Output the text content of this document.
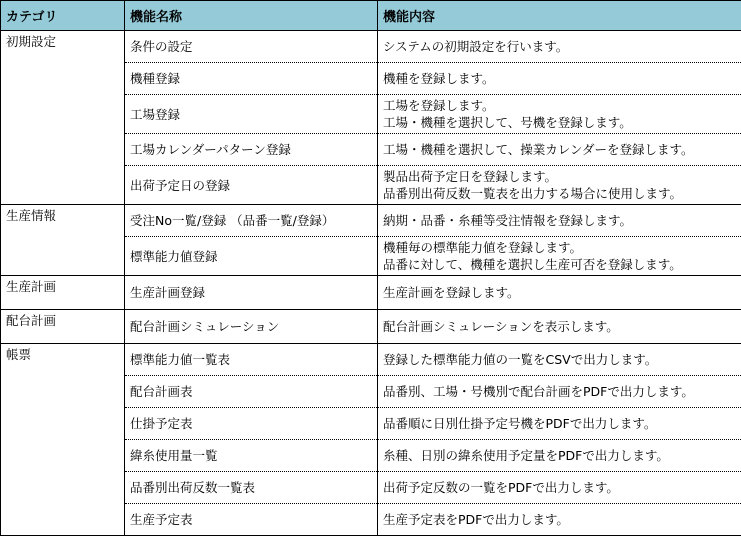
カテゴリ	機能名称	機能内容
初期設定	条件の設定	システムの初期設定を行います。

	機種登録	機種を登録します。

	工場登録	工場を登録します。
工場・機種を選択して、号機を登録します。

	工場カレンダーパターン登録	工場・機種を選択して、操業カレンダーを登録します。

	出荷予定日の登録	製品出荷予定日を登録します。
品番別出荷反数一覧表を出力する場合に使用します。

生産情報	受注No一覧/登録 （品番一覧/登録）	納期・品番・糸種等受注情報を登録します。

	標準能力値登録	機種毎の標準能力値を登録します。
品番に対して、機種を選択し生産可否を登録します。

生産計画	生産計画登録	生産計画を登録します。

配台計画	配台計画シミュレーション	配台計画シミュレーションを表示します。

帳票	標準能力値一覧表	登録した標準能力値の一覧をCSVで出力します。

	配台計画表	品番別、工場・号機別で配台計画をPDFで出力します。

	仕掛予定表	品番順に日別仕掛予定号機をPDFで出力します。

	緯糸使用量一覧	糸種、日別の緯糸使用予定量をPDFで出力します。

	品番別出荷反数一覧表	出荷予定反数の一覧をPDFで出力します。

	生産予定表	生産予定表をPDFで出力します。
